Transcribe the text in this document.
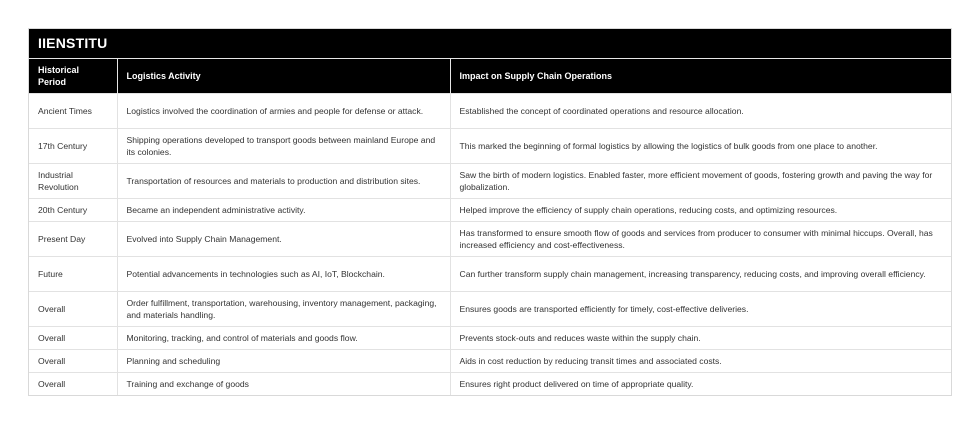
IIENSTITU
Historical Period	Logistics Activity	Impact on Supply Chain Operations
Ancient Times	Logistics involved the coordination of armies and people for defense or attack.	Established the concept of coordinated operations and resource allocation.
17th Century	Shipping operations developed to transport goods between mainland Europe and its colonies.	This marked the beginning of formal logistics by allowing the logistics of bulk goods from one place to another.
Industrial Revolution	Transportation of resources and materials to production and distribution sites.	Saw the birth of modern logistics. Enabled faster, more efficient movement of goods, fostering growth and paving the way for globalization.
20th Century	Became an independent administrative activity.	Helped improve the efficiency of supply chain operations, reducing costs, and optimizing resources.
Present Day	Evolved into Supply Chain Management.	Has transformed to ensure smooth flow of goods and services from producer to consumer with minimal hiccups. Overall, has increased efficiency and cost-effectiveness.
Future	Potential advancements in technologies such as AI, IoT, Blockchain.	Can further transform supply chain management, increasing transparency, reducing costs, and improving overall efficiency.
Overall	Order fulfillment, transportation, warehousing, inventory management, packaging, and materials handling.	Ensures goods are transported efficiently for timely, cost-effective deliveries.
Overall	Monitoring, tracking, and control of materials and goods flow.	Prevents stock-outs and reduces waste within the supply chain.
Overall	Planning and scheduling	Aids in cost reduction by reducing transit times and associated costs.
Overall	Training and exchange of goods	Ensures right product delivered on time of appropriate quality.
